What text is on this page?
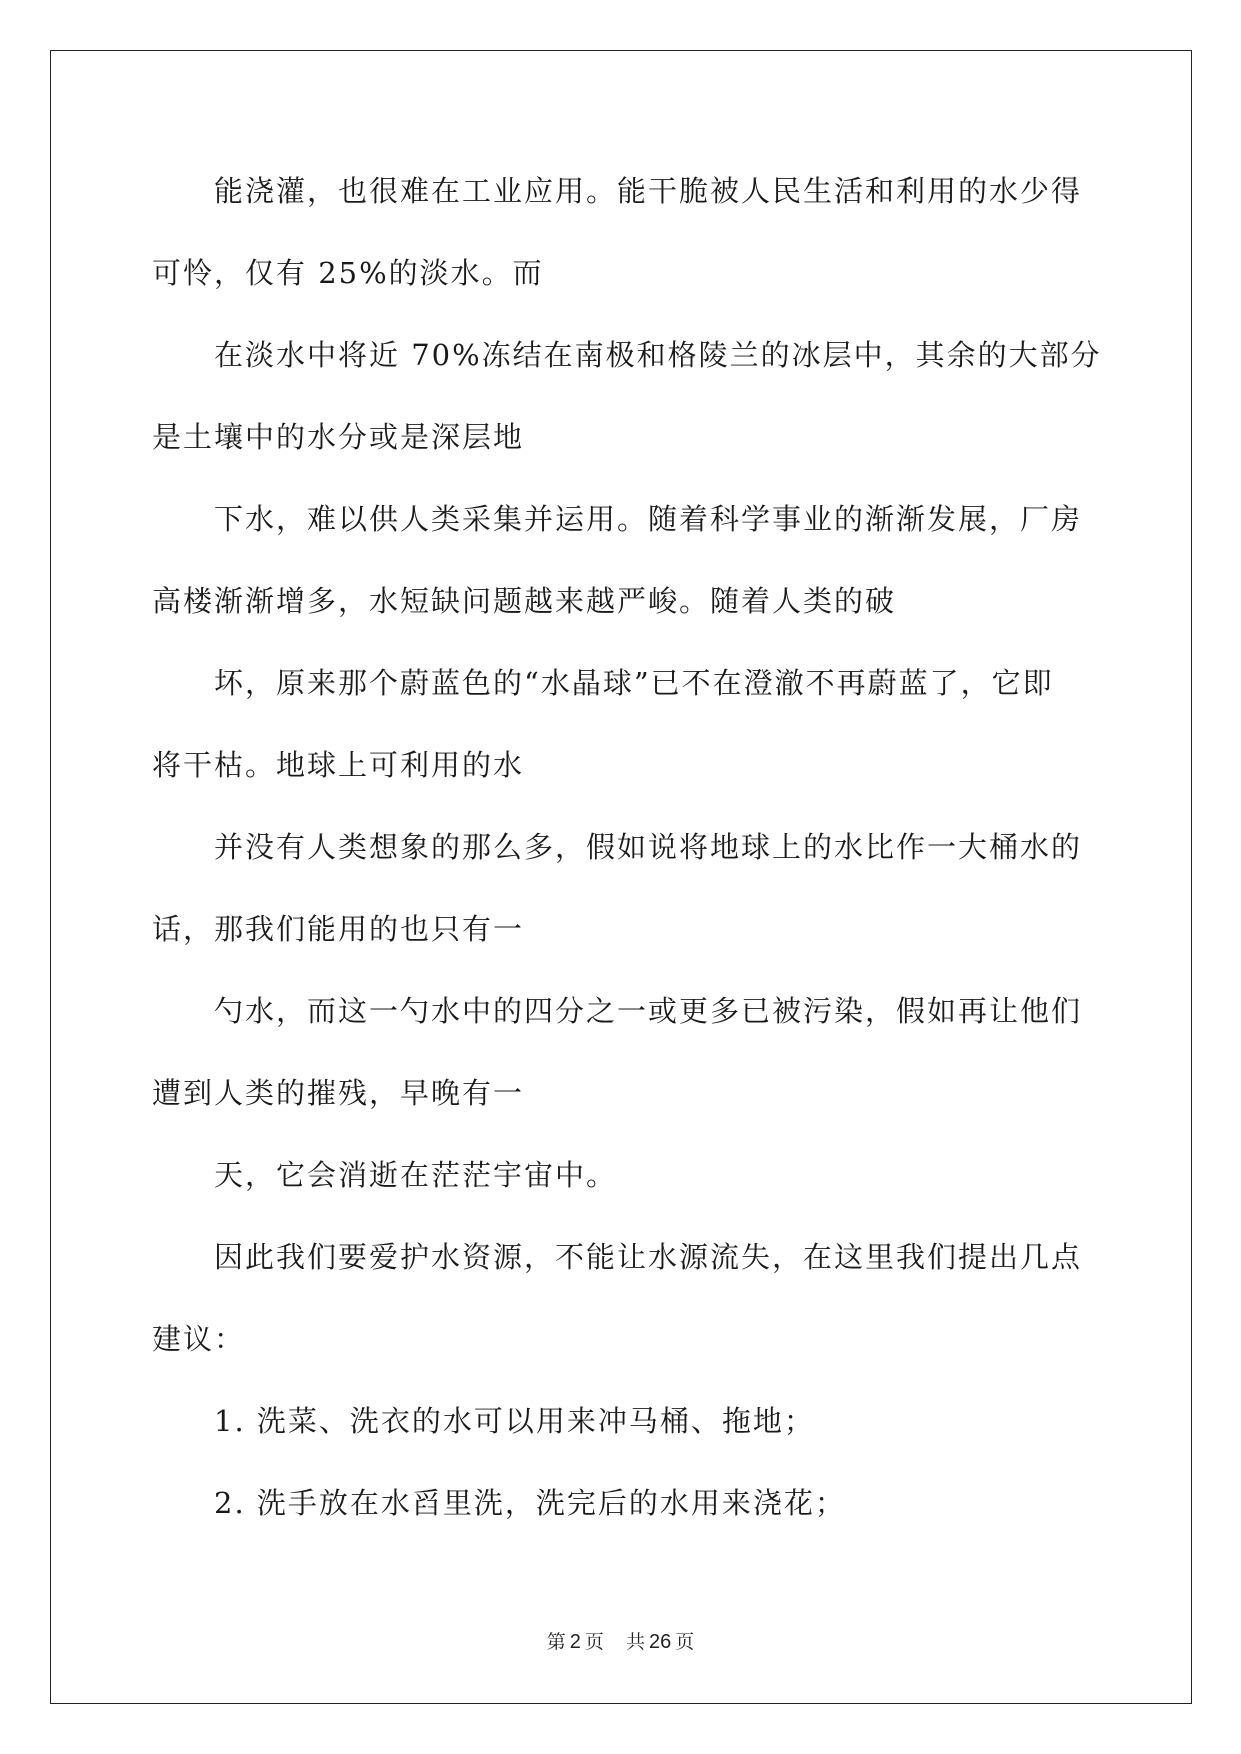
能浇灌，也很难在工业应用。能干脆被人民生活和利用的水少得
可怜，仅有 25%的淡水。而
在淡水中将近 70%冻结在南极和格陵兰的冰层中，其余的大部分
是土壤中的水分或是深层地
下水，难以供人类采集并运用。随着科学事业的渐渐发展，厂房
高楼渐渐增多，水短缺问题越来越严峻。随着人类的破
坏，原来那个蔚蓝色的“水晶球”已不在澄澈不再蔚蓝了，它即
将干枯。地球上可利用的水
并没有人类想象的那么多，假如说将地球上的水比作一大桶水的
话，那我们能用的也只有一
勺水，而这一勺水中的四分之一或更多已被污染，假如再让他们
遭到人类的摧残，早晚有一
天，它会消逝在茫茫宇宙中。
因此我们要爱护水资源，不能让水源流失，在这里我们提出几点
建议：
1. 洗菜、洗衣的水可以用来冲马桶、拖地；
2. 洗手放在水舀里洗，洗完后的水用来浇花；
第 2 页 共 26 页
